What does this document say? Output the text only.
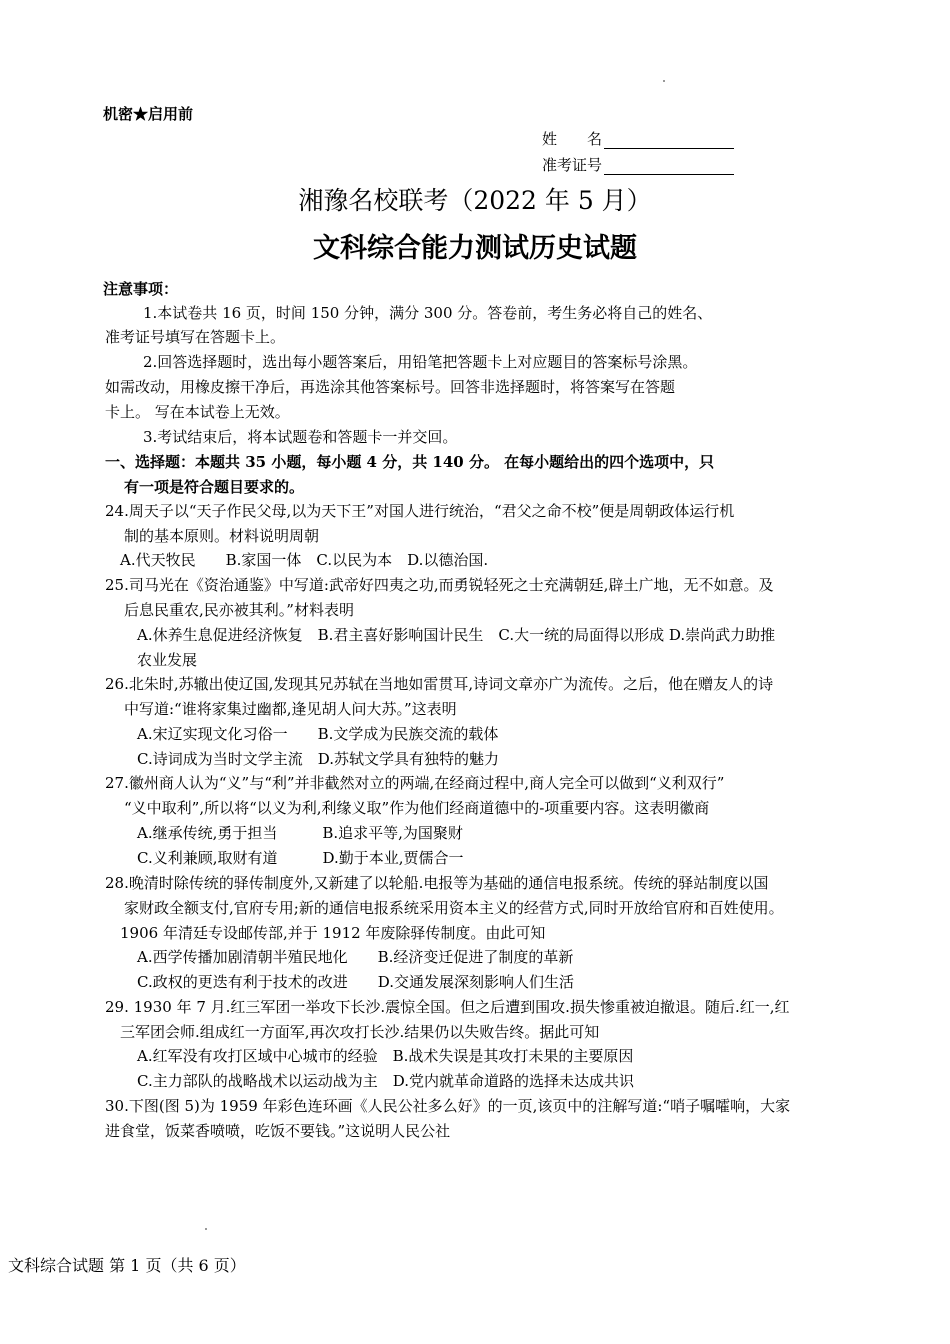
机密★启用前
姓　　名
准考证号
湘豫名校联考（2022 年 5 月）
文科综合能力测试历史试题
注意事项：
1.本试卷共 16 页，时间 150 分钟，满分 300 分。答卷前，考生务必将自己的姓名、
准考证号填写在答题卡上。
2.回答选择题时，选出每小题答案后，用铅笔把答题卡上对应题目的答案标号涂黑。
如需改动，用橡皮擦干净后，再选涂其他答案标号。回答非选择题时，将答案写在答题
卡上。 写在本试卷上无效。
3.考试结束后，将本试题卷和答题卡一并交回。
一、选择题：本题共 35 小题，每小题 4 分，共 140 分。 在每小题给出的四个选项中，只
有一项是符合题目要求的。
24.周天子以“天子作民父母,以为天下王”对国人进行统治，“君父之命不校”便是周朝政体运行机
制的基本原则。材料说明周朝
A.代天牧民　　B.家国一体　C.以民为本　D.以德治国.
25.司马光在《资治通鉴》中写道:武帝好四夷之功,而勇锐轻死之士充满朝廷,辟土广地，无不如意。及
后息民重农,民亦被其利。”材料表明
A.休养生息促进经济恢复　B.君主喜好影响国计民生　C.大一统的局面得以形成 D.崇尚武力助推
农业发展
26.北朱时,苏辙出使辽国,发现其兄苏轼在当地如雷贯耳,诗词文章亦广为流传。之后，他在赠友人的诗
中写道:“谁将家集过幽都,逢见胡人问大苏。”这表明
A.宋辽实现文化习俗一　　B.文学成为民族交流的载体
C.诗词成为当时文学主流　D.苏轼文学具有独特的魅力
27.徽州商人认为“义”与“利”并非截然对立的两端,在经商过程中,商人完全可以做到“义利双行”
“义中取利”,所以将“以义为利,利缘义取”作为他们经商道德中的-项重要内容。这表明徽商
A.继承传统,勇于担当　　　B.追求平等,为国聚财
C.义利兼顾,取财有道　　　D.勤于本业,贾儒合一
28.晚清时除传统的驿传制度外,又新建了以轮船.电报等为基础的通信电报系统。传统的驿站制度以国
家财政全额支付,官府专用;新的通信电报系统采用资本主义的经营方式,同时开放给官府和百姓使用。
1906 年清廷专设邮传部,并于 1912 年废除驿传制度。由此可知
A.西学传播加剧清朝半殖民地化　　B.经济变迁促进了制度的革新
C.政权的更迭有利于技术的改进　　D.交通发展深刻影响人们生活
29. 1930 年 7 月.红三军团一举攻下长沙.震惊全国。但之后遭到围攻.损失惨重被迫撤退。随后.红一,红
三军团会师.组成红一方面军,再次攻打长沙.结果仍以失败告终。据此可知
A.红军没有攻打区域中心城市的经验　B.战术失误是其攻打未果的主要原因
C.主力部队的战略战术以运动战为主　D.党内就革命道路的选择未达成共识
30.下图(图 5)为 1959 年彩色连环画《人民公社多么好》的一页,该页中的注解写道:“哨子嘱嚯响，大家
进食堂，饭菜香喷喷，吃饭不要钱。”这说明人民公社
文科综合试题 第 1 页（共 6 页）
